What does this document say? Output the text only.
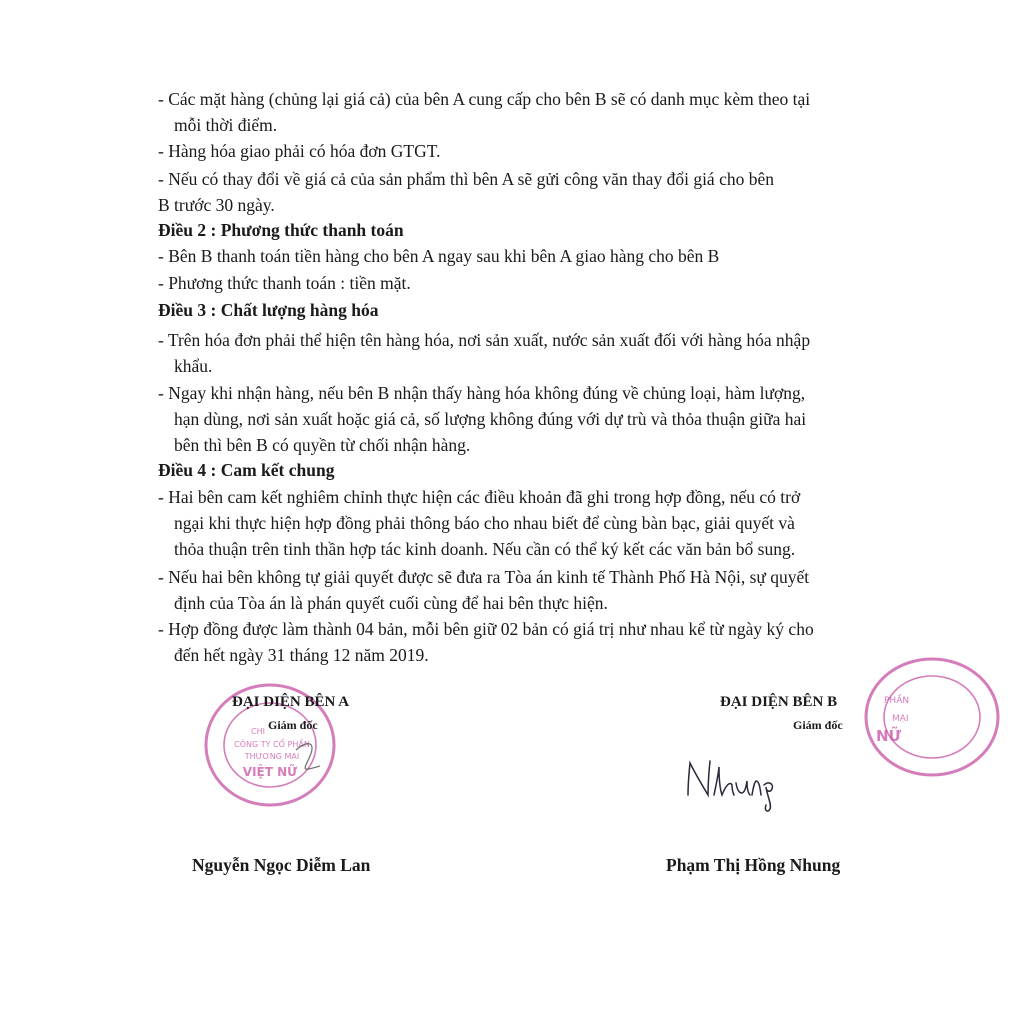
- Các mặt hàng (chủng lại giá cả) của bên A cung cấp cho bên B sẽ có danh mục kèm theo tại
mỗi thời điểm.
- Hàng hóa giao phải có hóa đơn GTGT.
- Nếu có thay đổi về giá cả của sản phẩm thì bên A sẽ gửi công văn thay đổi giá cho bên
B trước 30 ngày.
Điều 2 : Phương thức thanh toán
- Bên B thanh toán tiền hàng cho bên A ngay sau khi bên A giao hàng cho bên B
- Phương thức thanh toán : tiền mặt.
Điều 3 : Chất lượng hàng hóa
- Trên hóa đơn phải thể hiện tên hàng hóa, nơi sản xuất, nước sản xuất đối với hàng hóa nhập
khẩu.
- Ngay khi nhận hàng, nếu bên B nhận thấy hàng hóa không đúng về chủng loại, hàm lượng,
hạn dùng, nơi sản xuất hoặc giá cả, số lượng không đúng với dự trù và thỏa thuận giữa hai
bên thì bên B có quyền từ chối nhận hàng.
Điều 4 : Cam kết chung
- Hai bên cam kết nghiêm chỉnh thực hiện các điều khoản đã ghi trong hợp đồng, nếu có trở
ngại khi thực hiện hợp đồng phải thông báo cho nhau biết để cùng bàn bạc, giải quyết và
thỏa thuận trên tinh thần hợp tác kinh doanh. Nếu cần có thể ký kết các văn bản bổ sung.
- Nếu hai bên không tự giải quyết được sẽ đưa ra Tòa án kinh tế Thành Phố Hà Nội, sự quyết
định của Tòa án là phán quyết cuối cùng để hai bên thực hiện.
- Hợp đồng được làm thành 04 bản, mỗi bên giữ 02 bản có giá trị như nhau kể từ ngày ký cho
đến hết ngày 31 tháng 12 năm 2019.
CHI
CÔNG TY CỔ PHẦN
THƯƠNG MẠI
VIỆT NỮ
PHẦN
MẠI
NỮ
ĐẠI DIỆN BÊN A
Giám đốc
Nguyễn Ngọc Diễm Lan
ĐẠI DIỆN BÊN B
Giám đốc
Phạm Thị Hồng Nhung
